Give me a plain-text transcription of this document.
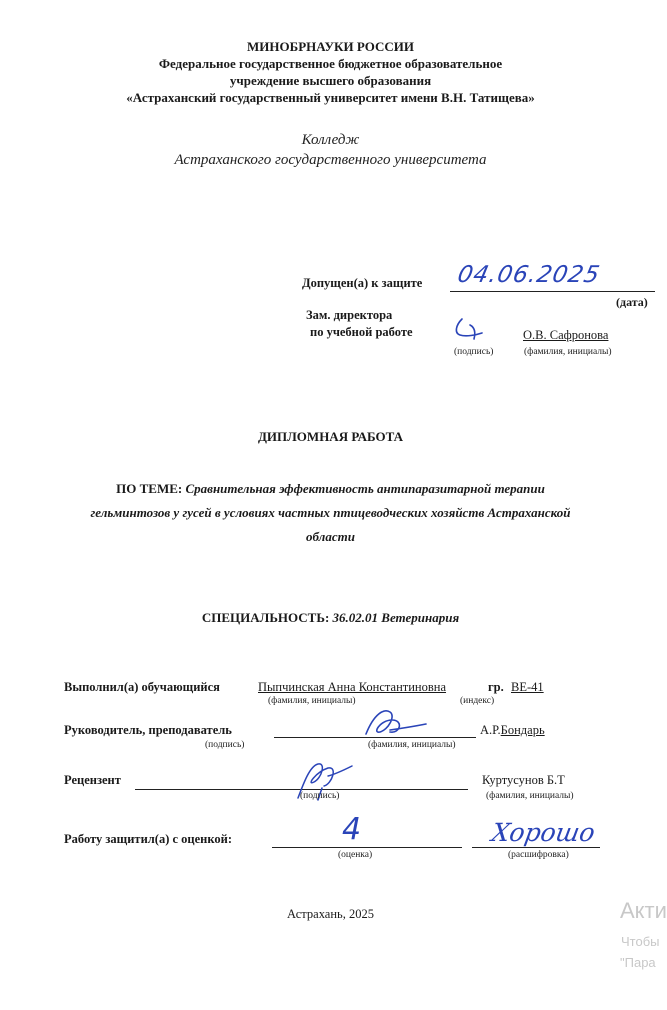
МИНОБРНАУКИ РОССИИ
Федеральное государственное бюджетное образовательное
учреждение высшего образования
«Астраханский государственный университет имени В.Н. Татищева»
Колледж
Астраханского государственного университета
Допущен(а) к защите 04.06.2025
(дата)
Зам. директора
по учебной работе
(подпись)
О.В. Сафронова
(фамилия, инициалы)
ДИПЛОМНАЯ РАБОТА
ПО ТЕМЕ: Сравнительная эффективность антипаразитарной терапии
гельминтозов у гусей в условиях частных птицеводческих хозяйств Астраханской
области
СПЕЦИАЛЬНОСТЬ: 36.02.01 Ветеринария
Выполнил(а) обучающийся	Пыпчинская Анна Константиновна	гр. ВЕ-41
(фамилия, инициалы)	(индекс)
Руководитель, преподаватель	А.Р.Бондарь
(подпись)	(фамилия, инициалы)
Рецензент	Куртусунов Б.Т
(подпись)	(фамилия, инициалы)
Работу защитил(а) с оценкой:	4
(оценка)
Хорошо
(расшифровка)
Астрахань, 2025	Акти
Чтобы
"Пара
